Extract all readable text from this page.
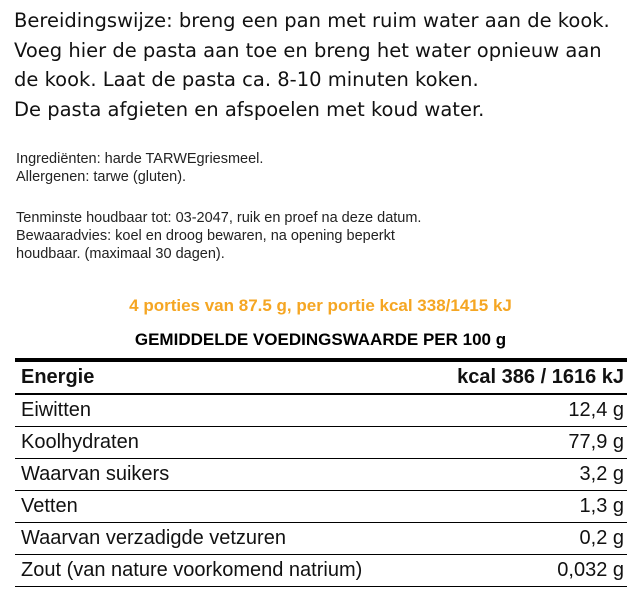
Bereidingswijze: breng een pan met ruim water aan de kook.
Voeg hier de pasta aan toe en breng het water opnieuw aan
de kook. Laat de pasta ca. 8-10 minuten koken.
De pasta afgieten en afspoelen met koud water.
Ingrediënten: harde TARWEgriesmeel.
Allergenen: tarwe (gluten).
Tenminste houdbaar tot: 03-2047, ruik en proef na deze datum.
Bewaaradvies: koel en droog bewaren, na opening beperkt
houdbaar. (maximaal 30 dagen).
4 porties van 87.5 g, per portie kcal 338/1415 kJ
GEMIDDELDE VOEDINGSWAARDE PER 100 g
Energie	kcal 386 / 1616 kJ
Eiwitten	12,4 g
Koolhydraten	77,9 g
Waarvan suikers	3,2 g
Vetten	1,3 g
Waarvan verzadigde vetzuren	0,2 g
Zout (van nature voorkomend natrium)	0,032 g
